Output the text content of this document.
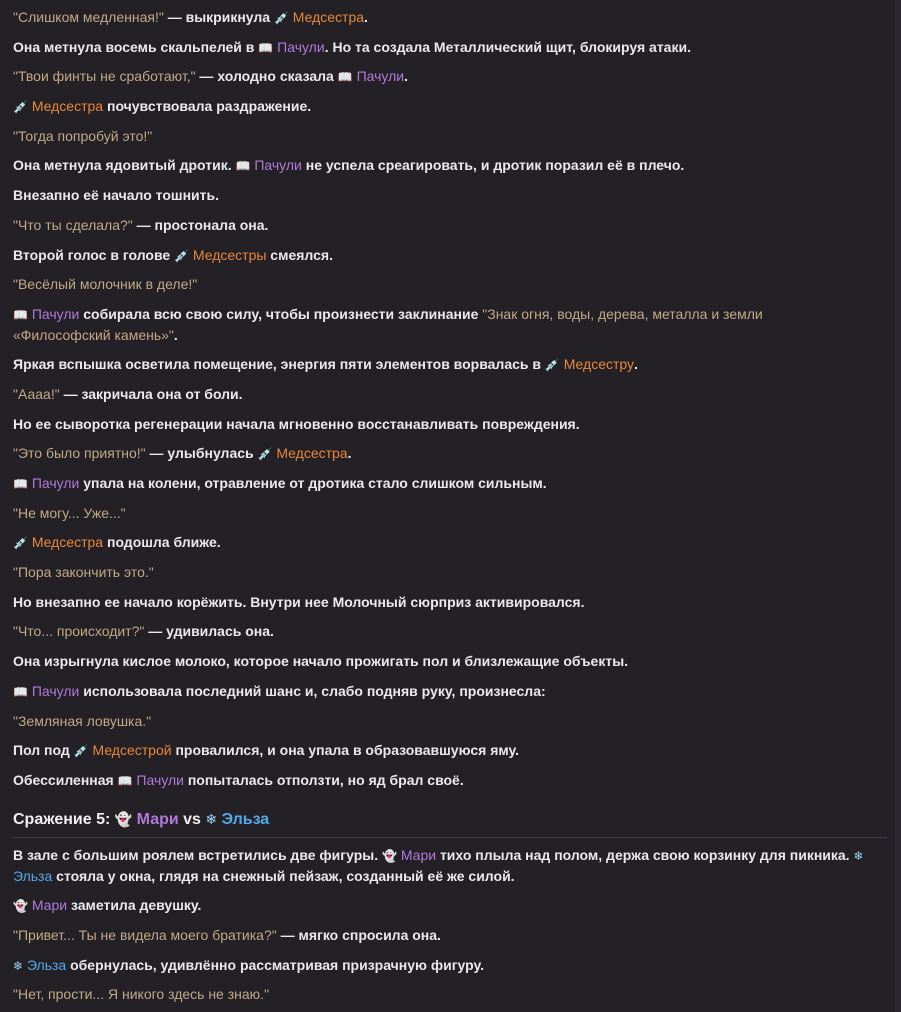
"Слишком медленная!" — выкрикнула 💉 Медсестра.
Она метнула восемь скальпелей в 📖 Пачули. Но та создала Металлический щит, блокируя атаки.
"Твои финты не сработают," — холодно сказала 📖 Пачули.
💉 Медсестра почувствовала раздражение.
"Тогда попробуй это!"
Она метнула ядовитый дротик. 📖 Пачули не успела среагировать, и дротик поразил её в плечо.
Внезапно её начало тошнить.
"Что ты сделала?" — простонала она.
Второй голос в голове 💉 Медсестры смеялся.
"Весёлый молочник в деле!"
📖 Пачули собирала всю свою силу, чтобы произнести заклинание "Знак огня, воды, дерева, металла и земли «Философский камень»".
Яркая вспышка осветила помещение, энергия пяти элементов ворвалась в 💉 Медсестру.
"Аааа!" — закричала она от боли.
Но ее сыворотка регенерации начала мгновенно восстанавливать повреждения.
"Это было приятно!" — улыбнулась 💉 Медсестра.
📖 Пачули упала на колени, отравление от дротика стало слишком сильным.
"Не могу... Уже..."
💉 Медсестра подошла ближе.
"Пора закончить это."
Но внезапно ее начало корёжить. Внутри нее Молочный сюрприз активировался.
"Что... происходит?" — удивилась она.
Она изрыгнула кислое молоко, которое начало прожигать пол и близлежащие объекты.
📖 Пачули использовала последний шанс и, слабо подняв руку, произнесла:
"Земляная ловушка."
Пол под 💉 Медсестрой провалился, и она упала в образовавшуюся яму.
Обессиленная 📖 Пачули попыталась отползти, но яд брал своё.
Сражение 5: 👻 Мари vs ❄ Эльза
В зале с большим роялем встретились две фигуры. 👻 Мари тихо плыла над полом, держа свою корзинку для пикника. ❄ Эльза стояла у окна, глядя на снежный пейзаж, созданный её же силой.
👻 Мари заметила девушку.
"Привет... Ты не видела моего братика?" — мягко спросила она.
❄ Эльза обернулась, удивлённо рассматривая призрачную фигуру.
"Нет, прости... Я никого здесь не знаю."
